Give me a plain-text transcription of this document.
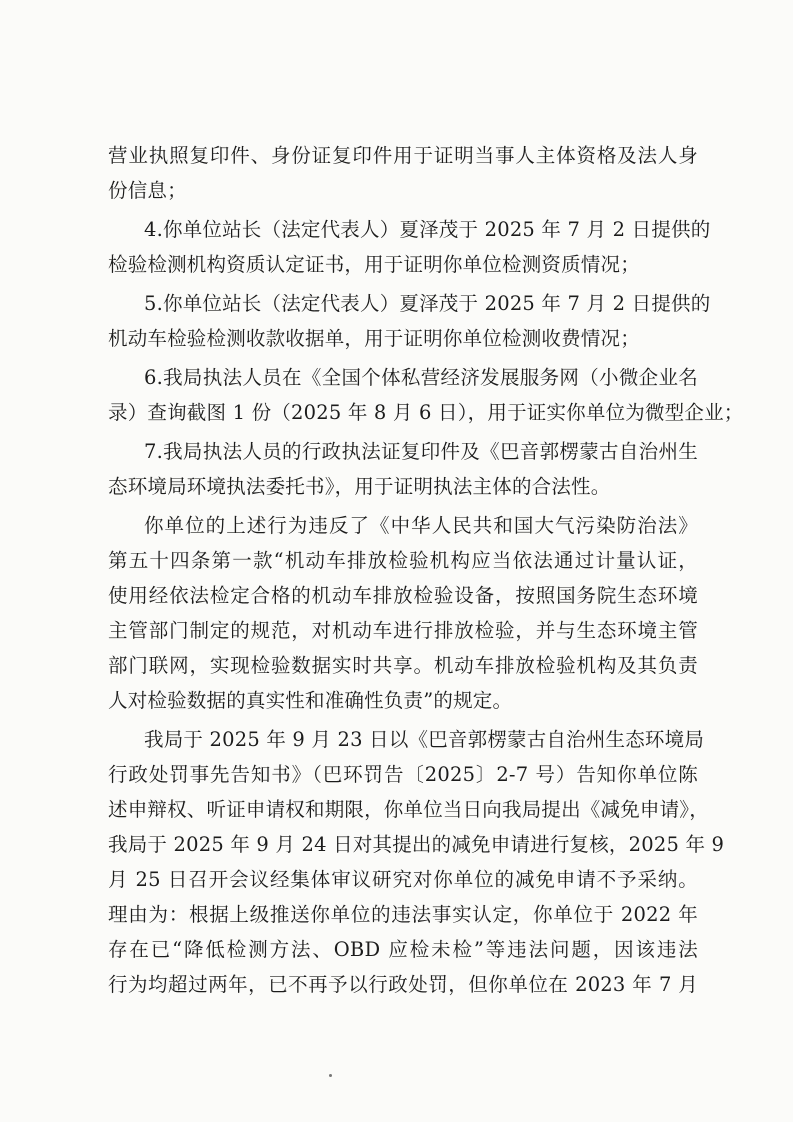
营业执照复印件、身份证复印件用于证明当事人主体资格及法人身
份信息；
4.你单位站长（法定代表人）夏泽茂于 2025 年 7 月 2 日提供的
检验检测机构资质认定证书，用于证明你单位检测资质情况；
5.你单位站长（法定代表人）夏泽茂于 2025 年 7 月 2 日提供的
机动车检验检测收款收据单，用于证明你单位检测收费情况；
6.我局执法人员在《全国个体私营经济发展服务网（小微企业名
录）查询截图 1 份（2025 年 8 月 6 日），用于证实你单位为微型企业；
7.我局执法人员的行政执法证复印件及《巴音郭楞蒙古自治州生
态环境局环境执法委托书》，用于证明执法主体的合法性。
你单位的上述行为违反了《中华人民共和国大气污染防治法》
第五十四条第一款“机动车排放检验机构应当依法通过计量认证，
使用经依法检定合格的机动车排放检验设备，按照国务院生态环境
主管部门制定的规范，对机动车进行排放检验，并与生态环境主管
部门联网，实现检验数据实时共享。机动车排放检验机构及其负责
人对检验数据的真实性和准确性负责”的规定。
我局于 2025 年 9 月 23 日以《巴音郭楞蒙古自治州生态环境局
行政处罚事先告知书》（巴环罚告〔2025〕2-7 号）告知你单位陈
述申辩权、听证申请权和期限，你单位当日向我局提出《减免申请》，
我局于 2025 年 9 月 24 日对其提出的减免申请进行复核，2025 年 9
月 25 日召开会议经集体审议研究对你单位的减免申请不予采纳。
理由为：根据上级推送你单位的违法事实认定，你单位于 2022 年
存在已“降低检测方法、OBD 应检未检”等违法问题，因该违法
行为均超过两年，已不再予以行政处罚，但你单位在 2023 年 7 月
